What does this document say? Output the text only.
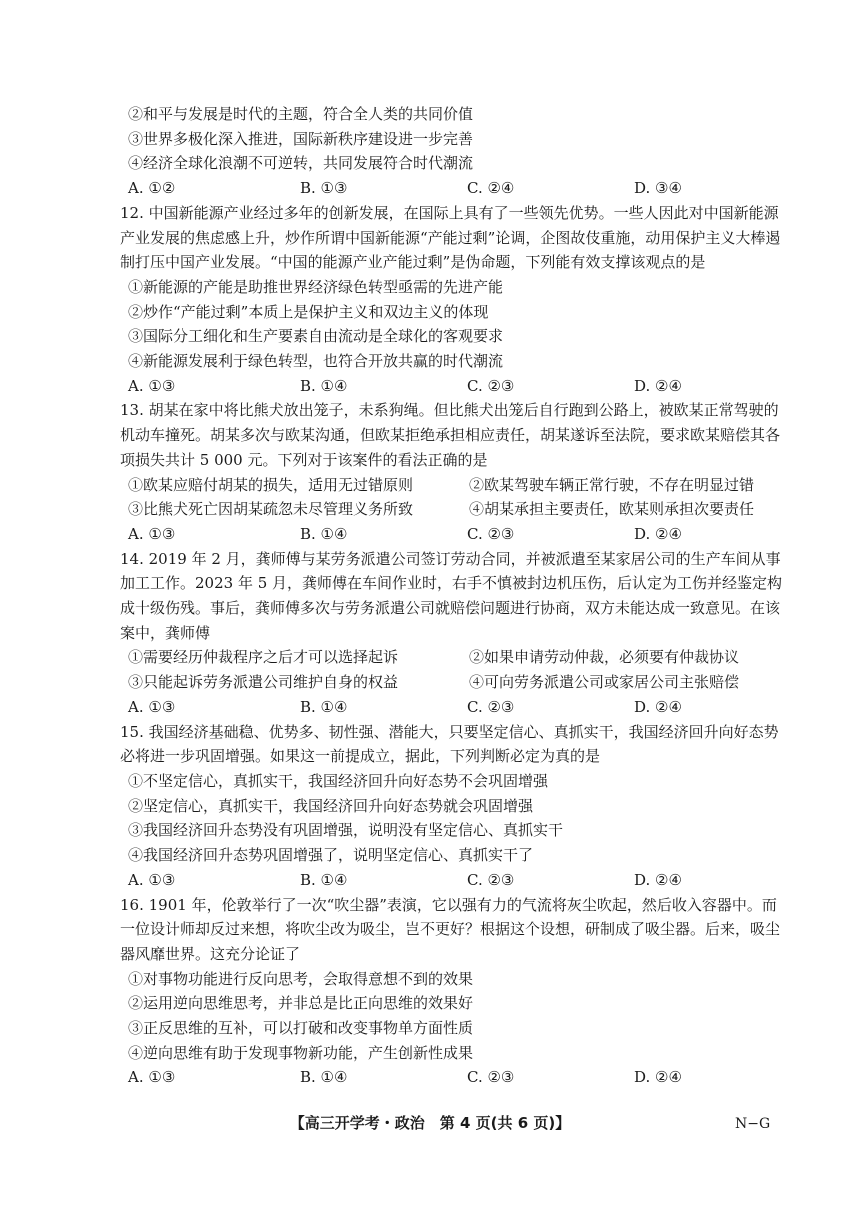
②和平与发展是时代的主题，符合全人类的共同价值
③世界多极化深入推进，国际新秩序建设进一步完善
④经济全球化浪潮不可逆转，共同发展符合时代潮流
A. ①②	B. ①③	C. ②④	D. ③④
12. 中国新能源产业经过多年的创新发展，在国际上具有了一些领先优势。一些人因此对中国新能源产业发展的焦虑感上升，炒作所谓中国新能源“产能过剩”论调，企图故伎重施，动用保护主义大棒遏制打压中国产业发展。“中国的能源产业产能过剩”是伪命题，下列能有效支撑该观点的是
①新能源的产能是助推世界经济绿色转型亟需的先进产能
②炒作“产能过剩”本质上是保护主义和双边主义的体现
③国际分工细化和生产要素自由流动是全球化的客观要求
④新能源发展利于绿色转型，也符合开放共赢的时代潮流
A. ①③	B. ①④	C. ②③	D. ②④
13. 胡某在家中将比熊犬放出笼子，未系狗绳。但比熊犬出笼后自行跑到公路上，被欧某正常驾驶的机动车撞死。胡某多次与欧某沟通，但欧某拒绝承担相应责任，胡某遂诉至法院，要求欧某赔偿其各项损失共计 5 000 元。下列对于该案件的看法正确的是
①欧某应赔付胡某的损失，适用无过错原则	②欧某驾驶车辆正常行驶，不存在明显过错
③比熊犬死亡因胡某疏忽未尽管理义务所致	④胡某承担主要责任，欧某则承担次要责任
A. ①③	B. ①④	C. ②③	D. ②④
14. 2019 年 2 月，龚师傅与某劳务派遣公司签订劳动合同，并被派遣至某家居公司的生产车间从事加工工作。2023 年 5 月，龚师傅在车间作业时，右手不慎被封边机压伤，后认定为工伤并经鉴定构成十级伤残。事后，龚师傅多次与劳务派遣公司就赔偿问题进行协商，双方未能达成一致意见。在该案中，龚师傅
①需要经历仲裁程序之后才可以选择起诉	②如果申请劳动仲裁，必须要有仲裁协议
③只能起诉劳务派遣公司维护自身的权益	④可向劳务派遣公司或家居公司主张赔偿
A. ①③	B. ①④	C. ②③	D. ②④
15. 我国经济基础稳、优势多、韧性强、潜能大，只要坚定信心、真抓实干，我国经济回升向好态势必将进一步巩固增强。如果这一前提成立，据此，下列判断必定为真的是
①不坚定信心，真抓实干，我国经济回升向好态势不会巩固增强
②坚定信心，真抓实干，我国经济回升向好态势就会巩固增强
③我国经济回升态势没有巩固增强，说明没有坚定信心、真抓实干
④我国经济回升态势巩固增强了，说明坚定信心、真抓实干了
A. ①③	B. ①④	C. ②③	D. ②④
16. 1901 年，伦敦举行了一次“吹尘器”表演，它以强有力的气流将灰尘吹起，然后收入容器中。而一位设计师却反过来想，将吹尘改为吸尘，岂不更好？根据这个设想，研制成了吸尘器。后来，吸尘器风靡世界。这充分论证了
①对事物功能进行反向思考，会取得意想不到的效果
②运用逆向思维思考，并非总是比正向思维的效果好
③正反思维的互补，可以打破和改变事物单方面性质
④逆向思维有助于发现事物新功能，产生创新性成果
A. ①③	B. ①④	C. ②③	D. ②④
【高三开学考・政治　第 4 页(共 6 页)】	N−G
